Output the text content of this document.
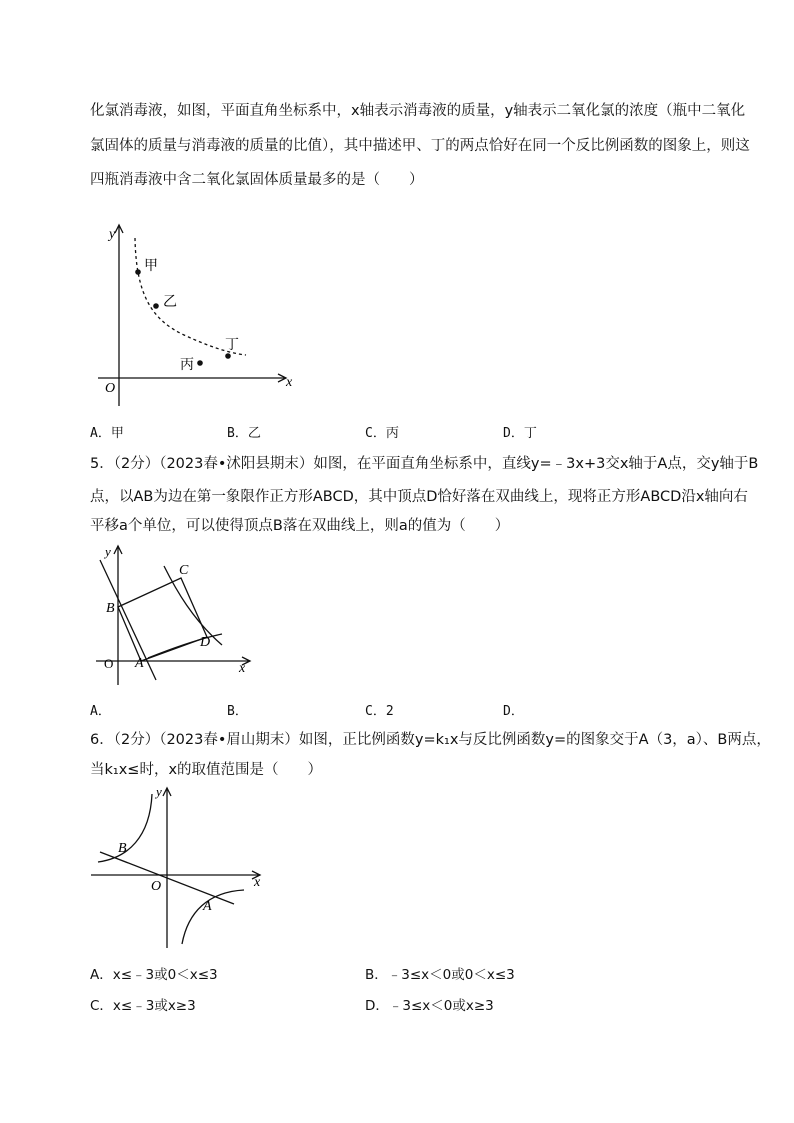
化氯消毒液，如图，平面直角坐标系中，x轴表示消毒液的质量，y轴表示二氧化氯的浓度（瓶中二氧化
氯固体的质量与消毒液的质量的比值），其中描述甲、丁的两点恰好在同一个反比例函数的图象上，则这
四瓶消毒液中含二氧化氯固体质量最多的是（　　）
y
x
O
甲
乙
丙
丁
A．甲	B．乙	C．丙	D．丁
5．（2分）（2023春•沭阳县期末）如图，在平面直角坐标系中，直线y=﹣3x+3交x轴于A点，交y轴于B
点，以AB为边在第一象限作正方形ABCD，其中顶点D恰好落在双曲线上，现将正方形ABCD沿x轴向右
平移a个单位，可以使得顶点B落在双曲线上，则a的值为（　　）
y
x
O A
B
C
D
A．	B．	C．2	D．
6．（2分）（2023春•眉山期末）如图，正比例函数y=k₁x与反比例函数y=的图象交于A（3，a）、B两点，
当k₁x≤时，x的取值范围是（　　）
y
x
O
A
B
A．x≤﹣3或0＜x≤3	B．﹣3≤x＜0或0＜x≤3
C．x≤﹣3或x≥3	D．﹣3≤x＜0或x≥3
